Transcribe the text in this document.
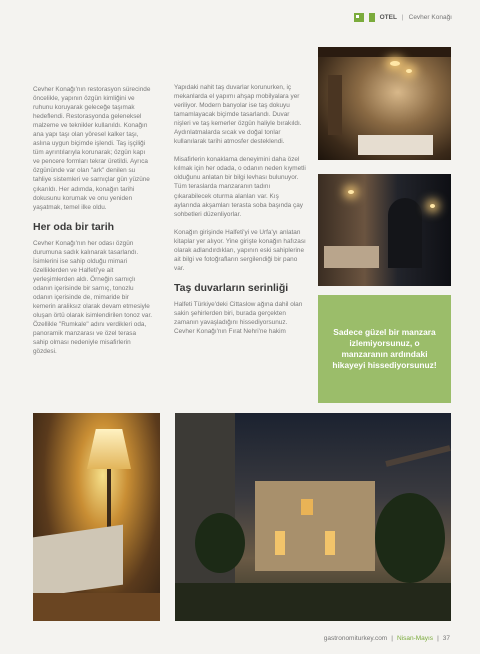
OTEL | Cevher Konağı

Cevher Konağı'nın restorasyon sürecinde öncelikle, yapının özgün kimliğini ve ruhunu koruyarak geleceğe taşımak hedeflendi. Restorasyonda geleneksel malzeme ve teknikler kullanıldı. Konağın ana yapı taşı olan yöresel kalker taşı, aslına uygun biçimde işlendi. Taş işçiliği tüm ayrıntılarıyla korunarak; özgün kapı ve pencere formları tekrar üretildi. Ayrıca özgününde var olan "ark" denilen su tahliye sistemleri ve sarnıçlar gün yüzüne çıkarıldı. Her adımda, konağın tarihi dokusunu korumak ve onu yeniden yaşatmak, temel ilke oldu.

Her oda bir tarih

Cevher Konağı'nın her odası özgün durumuna sadık kalınarak tasarlandı. İsimlerini ise sahip olduğu mimari özelliklerden ve Halfeti'ye ait yerleşimlerden aldı. Örneğin sarnıçlı odanın içerisinde bir sarnıç, tonozlu odanın içerisinde de, mimaride bir kemerin araliksız olarak devam etmesiyle oluşan örtü olarak isimlendirilen tonoz var. Özellikle "Rumkale" adını verdikleri oda, panoramik manzarası ve özel terasa sahip olması nedeniyle misafirlerin gözdesi.

Yapıdaki nahit taş duvarlar korunurken, iç mekanlarda el yapımı ahşap mobilyalara yer veriliyor. Modern banyolar ise taş dokuyu tamamlayacak biçimde tasarlandı. Duvar nişleri ve taş kemerler özgün haliyle bırakıldı. Aydınlatmalarda sıcak ve doğal tonlar kullanılarak tarihi atmosfer desteklendi.

Misafirlerin konaklama deneyimini daha özel kılmak için her odada, o odanın neden kıymetli olduğunu anlatan bir bilgi levhası bulunuyor. Tüm teraslarda manzaranın tadını çıkarabilecek oturma alanları var. Kış aylarında akşamları terasta soba başında çay sohbetleri düzenliyorlar.

Konağın girişinde Halfeti'yi ve Urfa'yı anlatan kitaplar yer alıyor. Yine girişte konağın hafızası olarak adlandırdıkları, yapının eski sahiplerine ait bilgi ve fotoğrafların sergilendiği bir pano var.

Taş duvarların serinliği

Halfeti Türkiye'deki Cittaslow ağına dahil olan sakin şehirlerden biri, burada gerçekten zamanın yavaşladığını hissediyorsunuz. Cevher Konağı'nın Fırat Nehri'ne hakim	Sadece güzel bir manzara izlemiyorsunuz, o manzaranın ardındaki hikayeyi hissediyorsunuz!
gastronomiturkey.com | Nisan-Mayıs | 37
